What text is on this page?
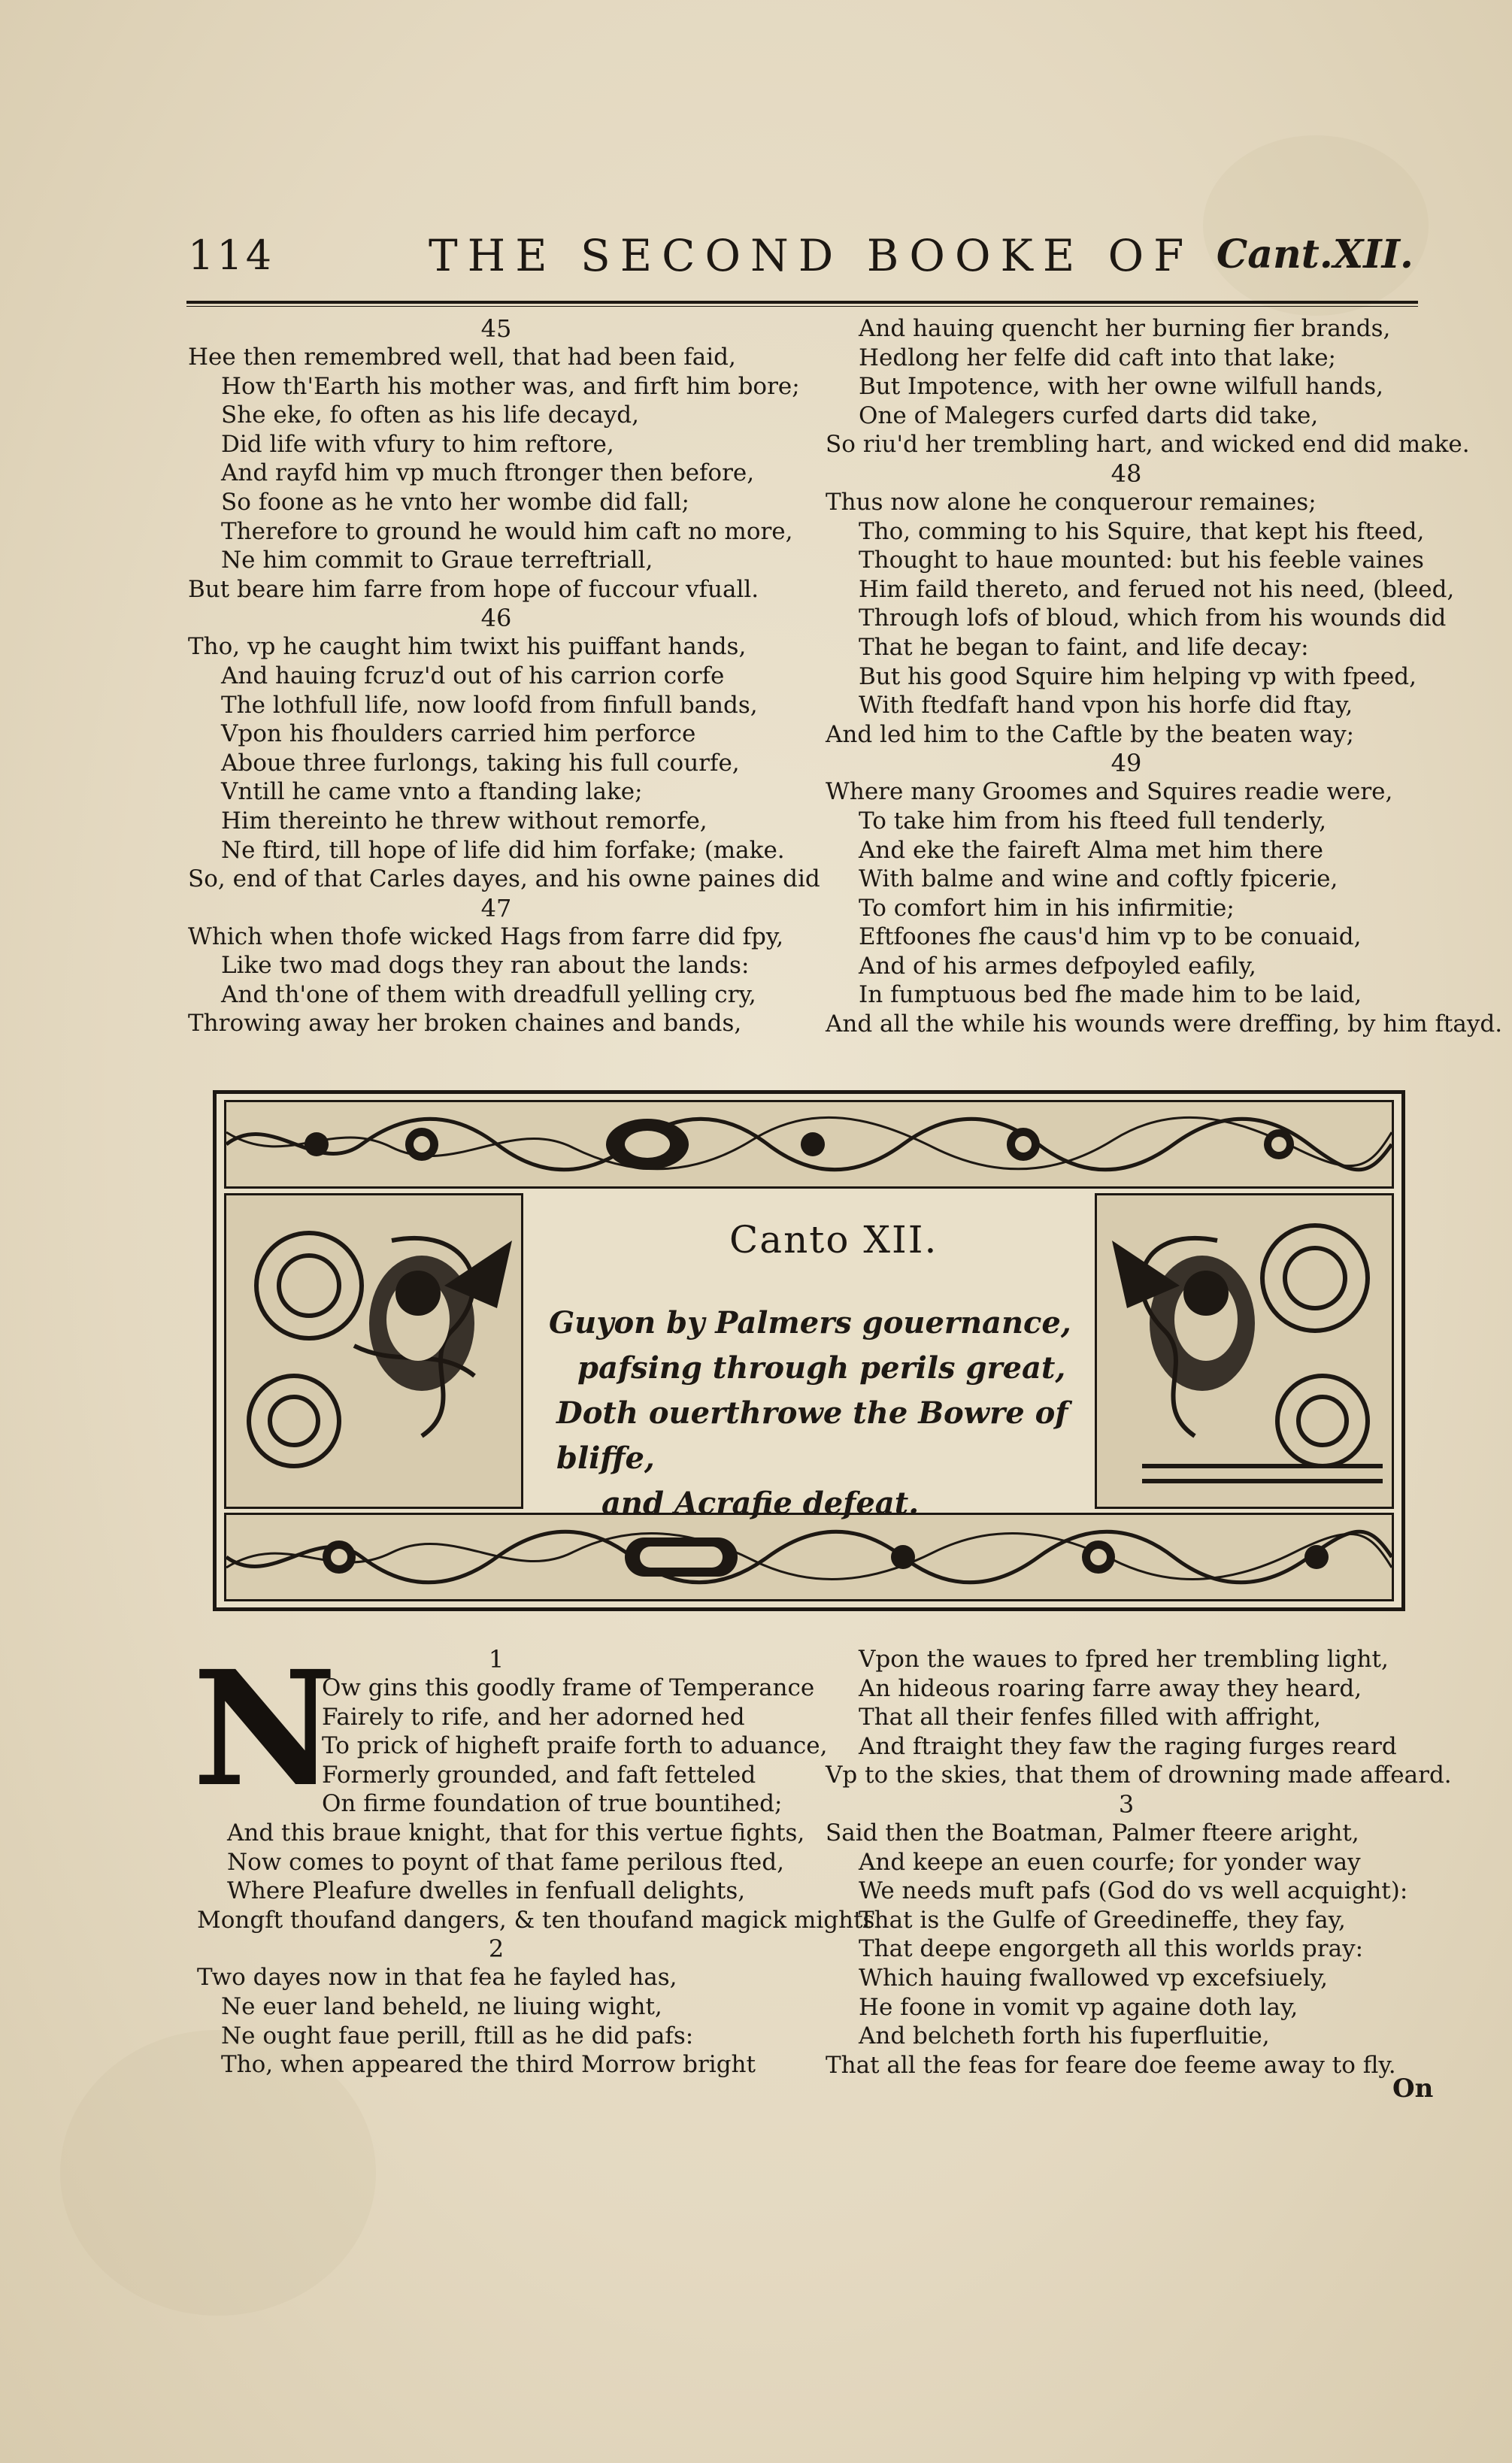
114	THE SECOND BOOKE OF Cant.XII.
45
Hee then remembred well, that had been faid,
How th'Earth his mother was, and firft him bore;
She eke, fo often as his life decayd,
Did life with vfury to him reftore,
And rayfd him vp much ftronger then before,
So foone as he vnto her wombe did fall;
Therefore to ground he would him caft no more,
Ne him commit to Graue terreftriall,
But beare him farre from hope of fuccour vfuall.
46
Tho, vp he caught him twixt his puiffant hands,
And hauing fcruz'd out of his carrion corfe
The lothfull life, now loofd from finfull bands,
Vpon his fhoulders carried him perforce
Aboue three furlongs, taking his full courfe,
Vntill he came vnto a ftanding lake;
Him thereinto he threw without remorfe,
Ne ftird, till hope of life did him forfake; (make.
So, end of that Carles dayes, and his owne paines did
47
Which when thofe wicked Hags from farre did fpy,
Like two mad dogs they ran about the lands:
And th'one of them with dreadfull yelling cry,
Throwing away her broken chaines and bands,
And hauing quencht her burning fier brands,
Hedlong her felfe did caft into that lake;
But Impotence, with her owne wilfull hands,
One of Malegers curfed darts did take,
So riu'd her trembling hart, and wicked end did make.
48
Thus now alone he conquerour remaines;
Tho, comming to his Squire, that kept his fteed,
Thought to haue mounted: but his feeble vaines
Him faild thereto, and ferued not his need, (bleed,
Through lofs of bloud, which from his wounds did
That he began to faint, and life decay:
But his good Squire him helping vp with fpeed,
With ftedfaft hand vpon his horfe did ftay,
And led him to the Caftle by the beaten way;
49
Where many Groomes and Squires readie were,
To take him from his fteed full tenderly,
And eke the faireft Alma met him there
With balme and wine and coftly fpicerie,
To comfort him in his infirmitie;
Eftfoones fhe caus'd him vp to be conuaid,
And of his armes defpoyled eafily,
In fumptuous bed fhe made him to be laid,
And all the while his wounds were dreffing, by him ftayd.
Canto XII.
Guyon by Palmers gouernance,
pafsing through perils great,
Doth ouerthrowe the Bowre of bliffe,
and Acrafie defeat.
N	1
Ow gins this goodly frame of Temperance
Fairely to rife, and her adorned hed
To prick of higheft praife forth to aduance,
Formerly grounded, and faft fetteled
On firme foundation of true bountihed;
And this braue knight, that for this vertue fights,
Now comes to poynt of that fame perilous fted,
Where Pleafure dwelles in fenfuall delights,
Mongft thoufand dangers, & ten thoufand magick mights.
2
Two dayes now in that fea he fayled has,
Ne euer land beheld, ne liuing wight,
Ne ought faue perill, ftill as he did pafs:
Tho, when appeared the third Morrow bright
Vpon the waues to fpred her trembling light,
An hideous roaring farre away they heard,
That all their fenfes filled with affright,
And ftraight they faw the raging furges reard
Vp to the skies, that them of drowning made affeard.
3
Said then the Boatman, Palmer fteere aright,
And keepe an euen courfe; for yonder way
We needs muft pafs (God do vs well acquight):
That is the Gulfe of Greedineffe, they fay,
That deepe engorgeth all this worlds pray:
Which hauing fwallowed vp excefsiuely,
He foone in vomit vp againe doth lay,
And belcheth forth his fuperfluitie,
That all the feas for feare doe feeme away to fly.
On
